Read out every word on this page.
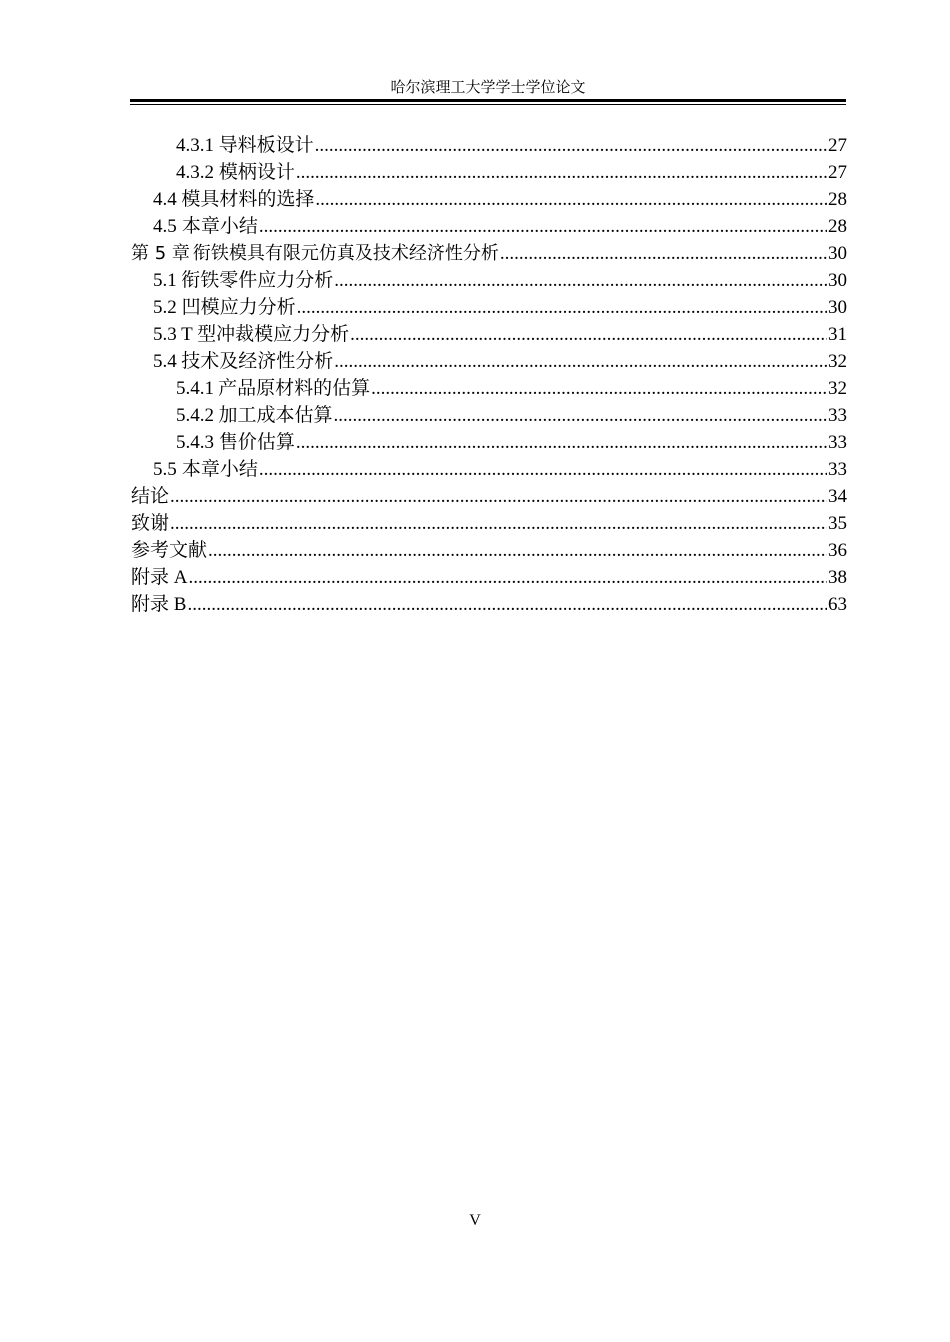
哈尔滨理工大学学士学位论文
4.3.1 导料板设计 .....	27
4.3.2 模柄设计 .....	27
4.4 模具材料的选择 .....	28
4.5 本章小结 .....	28
第 5 章 衔铁模具有限元仿真及技术经济性分析 .....	30
5.1 衔铁零件应力分析 .....	30
5.2 凹模应力分析 .....	30
5.3 T 型冲裁模应力分析 .....	31
5.4 技术及经济性分析 .....	32
5.4.1 产品原材料的估算 .....	32
5.4.2 加工成本估算 .....	33
5.4.3 售价估算 .....	33
5.5 本章小结 .....	33
结论 .....	34
致谢 .....	35
参考文献 .....	36
附录 A .....	38
附录 B .....	63
V
